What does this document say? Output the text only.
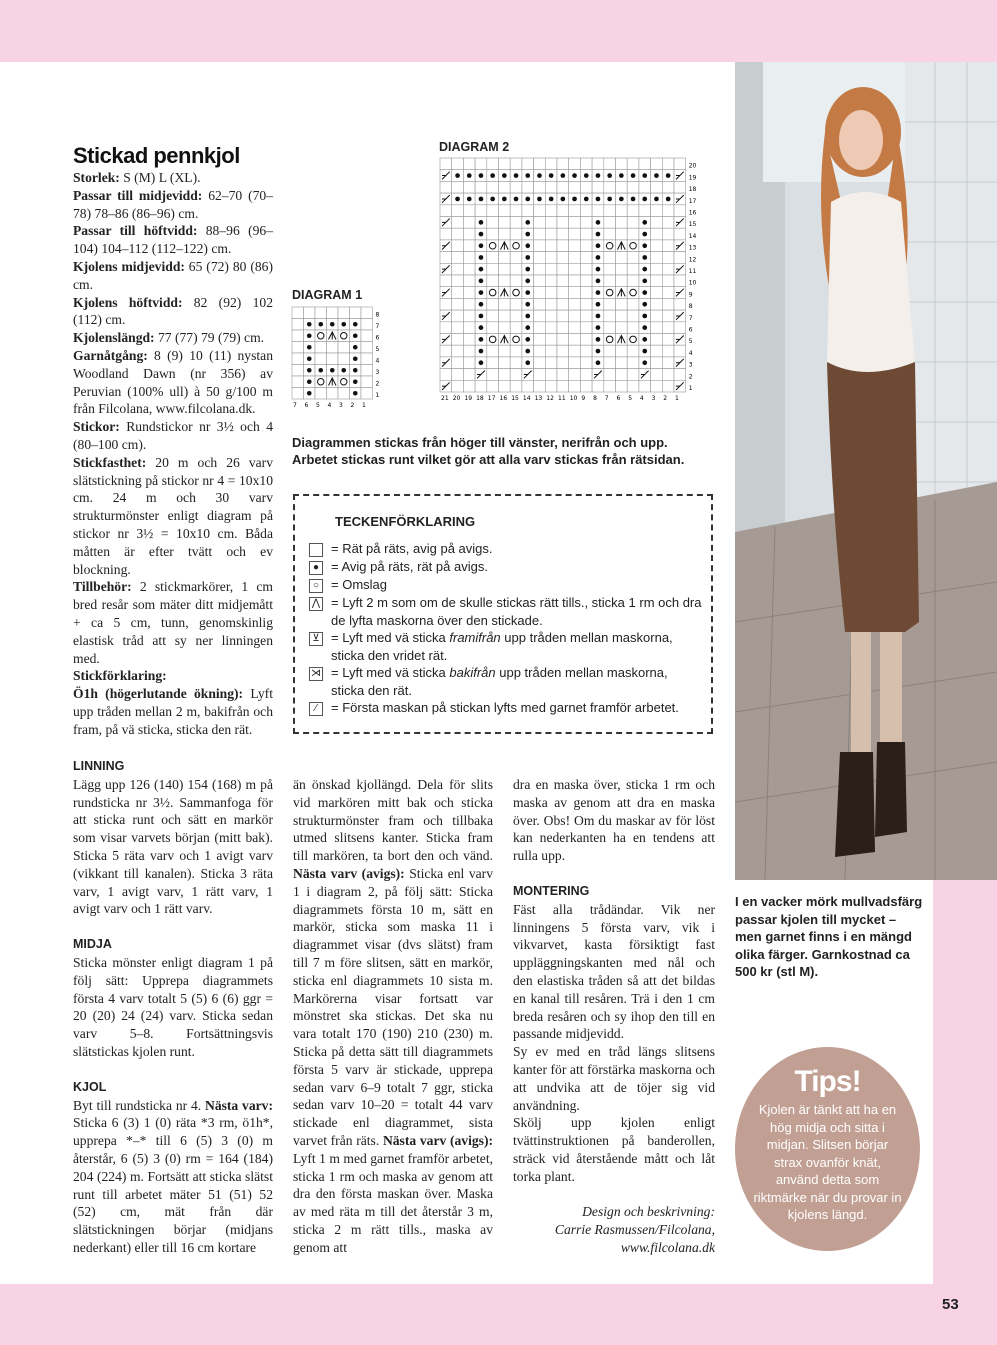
Stickad pennkjol

Storlek: S (M) L (XL).

Passar till midjevidd: 62–70 (70–78) 78–86 (86–96) cm.

Passar till höftvidd: 88–96 (96–104) 104–112 (112–122) cm.

Kjolens midjevidd: 65 (72) 80 (86) cm.

Kjolens höftvidd: 82 (92) 102 (112) cm.

Kjolenslängd: 77 (77) 79 (79) cm.

Garnåtgång: 8 (9) 10 (11) nystan Woodland Dawn (nr 356) av Peruvian (100% ull) à 50 g/100 m från Filcolana, www.filcolana.dk.

Stickor: Rundstickor nr 3½ och 4 (80–100 cm).

Stickfasthet: 20 m och 26 varv slätstickning på stickor nr 4 = 10x10 cm. 24 m och 30 varv strukturmönster enligt diagram på stickor nr 3½ = 10x10 cm. Båda måtten är efter tvätt och ev blockning.

Tillbehör: 2 stickmarkörer, 1 cm bred resår som mäter ditt midjemått + ca 5 cm, tunn, genomskinlig elastisk tråd att sy ner linningen med.

Stickförklaring:

Ö1h (högerlutande ökning): Lyft upp tråden mellan 2 m, bakifrån och fram, på vä sticka, sticka den rät.

LINNING

Lägg upp 126 (140) 154 (168) m på rundsticka nr 3½. Sammanfoga för att sticka runt och sätt en markör som visar varvets början (mitt bak). Sticka 5 räta varv och 1 avigt varv (vikkant till kanalen). Sticka 3 räta varv, 1 avigt varv, 1 rätt varv, 1 avigt varv och 1 rätt varv.

MIDJA

Sticka mönster enligt diagram 1 på följ sätt: Upprepa diagrammets första 4 varv totalt 5 (5) 6 (6) ggr = 20 (20) 24 (24) varv. Sticka sedan varv 5–8. Fortsättningsvis slätstickas kjolen runt.

KJOL

Byt till rundsticka nr 4. Nästa varv: Sticka 6 (3) 1 (0) räta *3 rm, ö1h*, upprepa *–* till 6 (5) 3 (0) m återstår, 6 (5) 3 (0) rm = 164 (184) 204 (224) m. Fortsätt att sticka slätst runt till arbetet mäter 51 (51) 52 (52) cm, mät från där slätstickningen börjar (midjans nederkant) eller till 16 cm kortare

än önskad kjollängd. Dela för slits vid markören mitt bak och sticka strukturmönster fram och tillbaka utmed slitsens kanter. Sticka fram till markören, ta bort den och vänd. Nästa varv (avigs): Sticka enl varv 1 i diagram 2, på följ sätt: Sticka diagrammets första 10 m, sätt en markör, sticka som maska 11 i diagrammet visar (dvs slätst) fram till 7 m före slitsen, sätt en markör, sticka enl diagrammets 10 sista m. Markörerna visar fortsatt var mönstret ska stickas. Det ska nu vara totalt 170 (190) 210 (230) m. Sticka på detta sätt till diagrammets första 5 varv är stickade, upprepa sedan varv 6–9 totalt 7 ggr, sticka sedan varv 10–20 = totalt 44 varv stickade enl diagrammet, sista varvet från räts. Nästa varv (avigs): Lyft 1 m med garnet framför arbetet, sticka 1 rm och maska av genom att dra den första maskan över. Maska av med räta m till det återstår 3 m, sticka 2 m rätt tills., maska av genom att

dra en maska över, sticka 1 rm och maska av genom att dra en maska över. Obs! Om du maskar av för löst kan nederkanten ha en tendens att rulla upp.

MONTERING

Fäst alla trådändar. Vik ner linningens 5 första varv, vik i vikvarvet, kasta försiktigt fast uppläggningskanten med nål och den elastiska tråden så att det bildas en kanal till resåren. Trä i den 1 cm breda resåren och sy ihop den till en passande midjevidd.

Sy ev med en tråd längs slitsens kanter för att förstärka maskorna och att undvika att de töjer sig vid användning.

Skölj upp kjolen enligt tvättinstruktionen på banderollen, sträck vid återstående mått och låt torka plant.

Design och beskrivning:
Carrie Rasmussen/Filcolana,
www.filcolana.dk
DIAGRAM 1
DIAGRAM 2
8
7
6
5
4
3
2
1
7 6 5 4 3 2 1
20
19
18
17
16
15
14
13
12
11
10
9
8
7
6
5
4
3
2
1
21 20 19 18 17 16 15 14 13 12 11 10 9 8 7 6 5 4 3 2 1
Diagrammen stickas från höger till vänster, nerifrån och upp. Arbetet stickas runt vilket gör att alla varv stickas från rätsidan.
TECKENFÖRKLARING
= Rät på räts, avig på avigs.
● = Avig på räts, rät på avigs.
○ = Omslag
⋀ = Lyft 2 m som om de skulle stickas rätt tills., sticka 1 rm och dra de lyfta maskorna över den stickade.
⊻ = Lyft med vä sticka framifrån upp tråden mellan maskorna, sticka den vridet rät.
⋊ = Lyft med vä sticka bakifrån upp tråden mellan maskorna, sticka den rät.
⁄	= Första maskan på stickan lyfts med garnet framför arbetet.
I en vacker mörk mullvadsfärg passar kjolen till mycket – men garnet finns i en mängd olika färger. Garnkostnad ca 500 kr (stl M).
Tips!
Kjolen är tänkt att ha en hög midja och sitta i midjan. Slitsen börjar strax ovanför knät, använd detta som riktmärke när du provar in kjolens längd.
53
